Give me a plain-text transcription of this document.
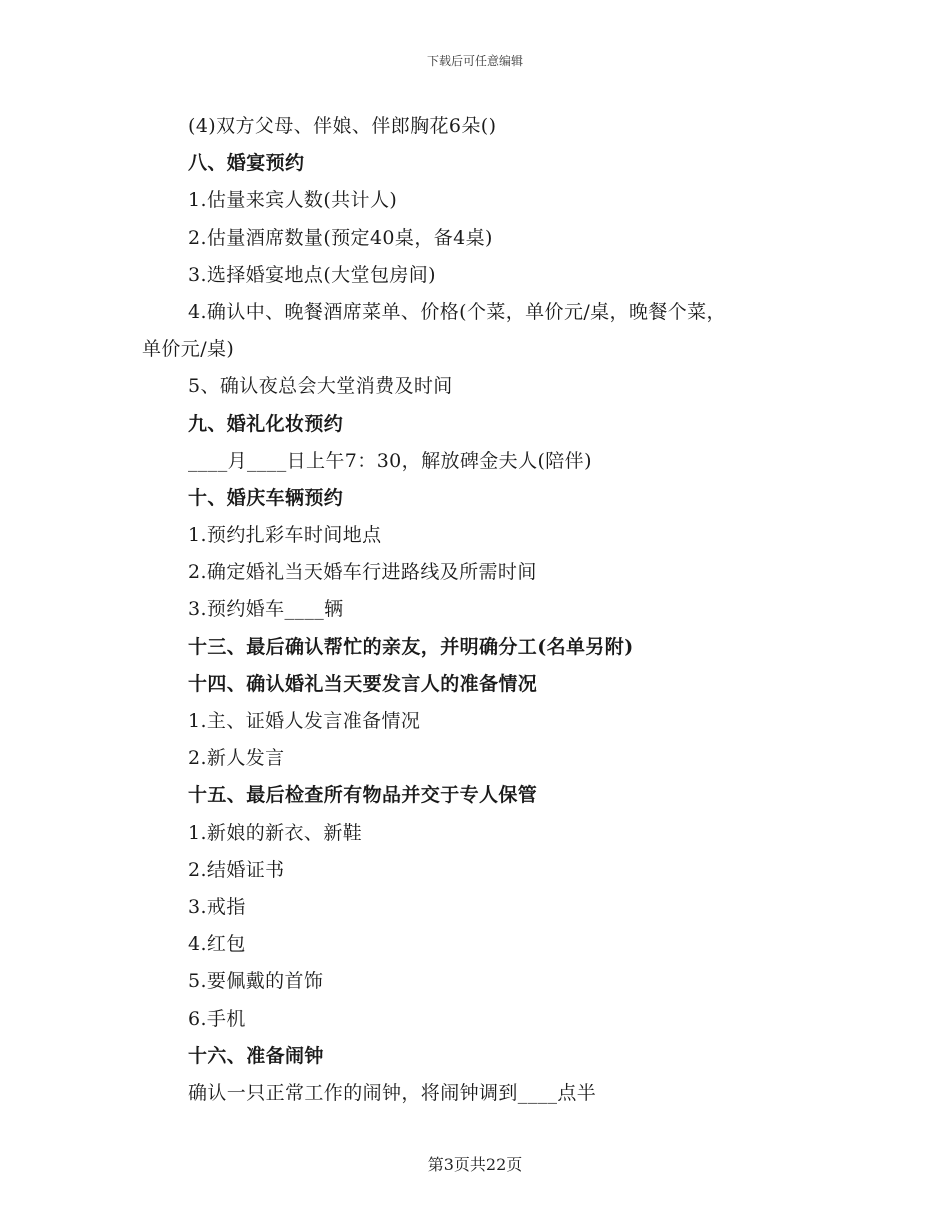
下载后可任意编辑
(4)双方父母、伴娘、伴郎胸花6朵()
八、婚宴预约
1.估量来宾人数(共计人)
2.估量酒席数量(预定40桌，备4桌)
3.选择婚宴地点(大堂包房间)
4.确认中、晚餐酒席菜单、价格(个菜，单价元/桌，晚餐个菜，
单价元/桌)
5、确认夜总会大堂消费及时间
九、婚礼化妆预约
____月____日上午7：30，解放碑金夫人(陪伴)
十、婚庆车辆预约
1.预约扎彩车时间地点
2.确定婚礼当天婚车行进路线及所需时间
3.预约婚车____辆
十三、最后确认帮忙的亲友，并明确分工(名单另附)
十四、确认婚礼当天要发言人的准备情况
1.主、证婚人发言准备情况
2.新人发言
十五、最后检查所有物品并交于专人保管
1.新娘的新衣、新鞋
2.结婚证书
3.戒指
4.红包
5.要佩戴的首饰
6.手机
十六、准备闹钟
确认一只正常工作的闹钟，将闹钟调到____点半
第3页共22页
